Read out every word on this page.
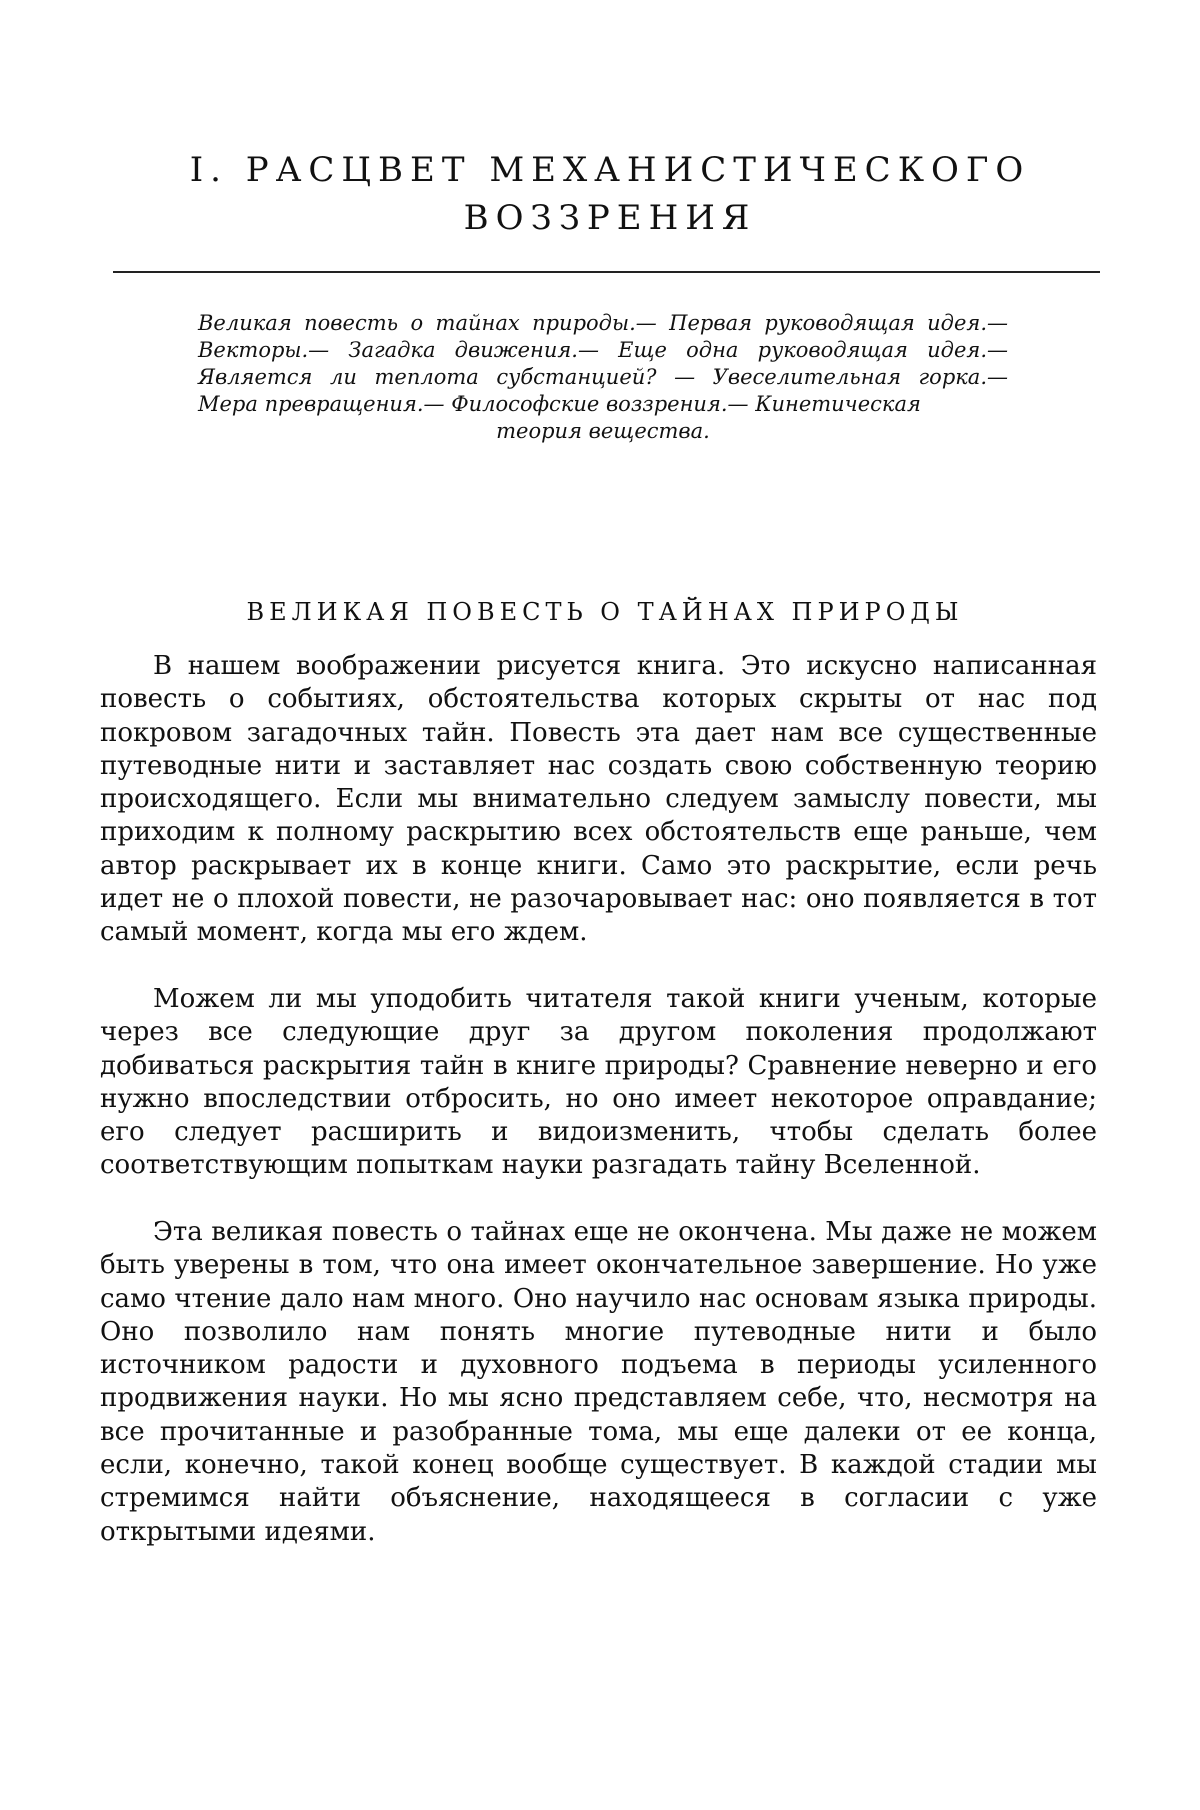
I. РАСЦВЕТ МЕХАНИСТИЧЕСКОГО
ВОЗЗРЕНИЯ

Великая повесть о тайнах природы.— Первая руководящая идея.— Векторы.— Загадка движения.— Еще одна руководящая идея.— Является ли теплота субстанцией? — Увеселительная горка.— Мера превращения.— Философские воззрения.— Кинетическая
теория вещества.

ВЕЛИКАЯ ПОВЕСТЬ О ТАЙНАХ ПРИРОДЫ

В нашем воображении рисуется книга. Это искусно написанная повесть о событиях, обстоятельства которых скрыты от нас под покровом загадочных тайн. Повесть эта дает нам все существенные путеводные нити и заставляет нас создать свою собственную теорию происходящего. Если мы внимательно следуем замыслу повести, мы приходим к полному раскрытию всех обстоятельств еще раньше, чем автор раскрывает их в конце книги. Само это раскрытие, если речь идет не о плохой повести, не разочаровывает нас: оно появляется в тот самый момент, когда мы его ждем.

Можем ли мы уподобить читателя такой книги ученым, которые через все следующие друг за другом поколения продолжают добиваться раскрытия тайн в книге природы? Сравнение неверно и его нужно впоследствии отбросить, но оно имеет некоторое оправдание; его следует расширить и видоизменить, чтобы сделать более соответствующим попыткам науки разгадать тайну Вселенной.

Эта великая повесть о тайнах еще не окончена. Мы даже не можем быть уверены в том, что она имеет окончательное завершение. Но уже само чтение дало нам много. Оно научило нас основам языка природы. Оно позволило нам понять многие путеводные нити и было источником радости и духовного подъема в периоды усиленного продвижения науки. Но мы ясно представляем себе, что, несмотря на все прочитанные и разобранные тома, мы еще далеки от ее конца, если, конечно, такой конец вообще существует. В каждой стадии мы стремимся найти объяснение, находящееся в согласии с уже открытыми идеями.
